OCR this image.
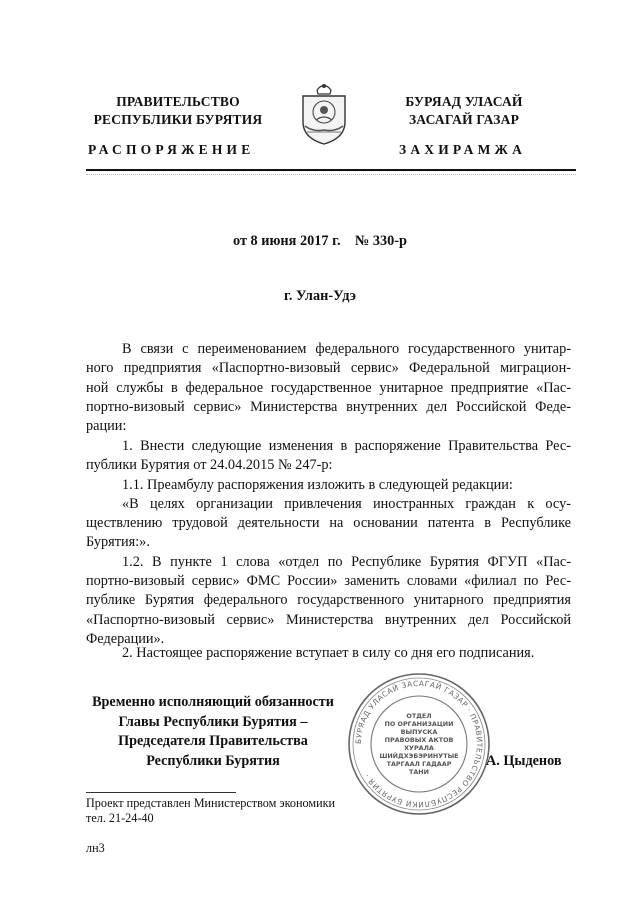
ПРАВИТЕЛЬСТВО
РЕСПУБЛИКИ БУРЯТИЯ
БУРЯАД УЛАСАЙ
ЗАСАГАЙ ГАЗАР
РАСПОРЯЖЕНИЕ	ЗАХИРАМЖА
от 8 июня 2017 г.    № 330-р
г. Улан-Удэ
В связи с переименованием федерального государственного унитар-
ного предприятия «Паспортно-визовый сервис» Федеральной миграцион-
ной службы в федеральное государственное унитарное предприятие «Пас-
портно-визовый сервис» Министерства внутренних дел Российской Феде-
рации:
1. Внести следующие изменения в распоряжение Правительства Рес-
публики Бурятия от 24.04.2015 № 247-р:
1.1. Преамбулу распоряжения изложить в следующей редакции:
«В целях организации привлечения иностранных граждан к осу-
ществлению трудовой деятельности на основании патента в Республике
Бурятия:».
1.2. В пункте 1 слова «отдел по Республике Бурятия ФГУП «Пас-
портно-визовый сервис» ФМС России» заменить словами «филиал по Рес-
публике Бурятия федерального государственного унитарного предприятия
«Паспортно-визовый сервис» Министерства внутренних дел Российской
Федерации».
2. Настоящее распоряжение вступает в силу со дня его подписания.
Временно исполняющий обязанности
Главы Республики Бурятия –
Председателя Правительства
Республики Бурятия
БУРЯАД УЛАСАЙ ЗАСАГАЙ ГАЗАР · ПРАВИТЕЛЬСТВО РЕСПУБЛИКИ БУРЯТИЯ ·
ОТДЕЛ
ПО ОРГАНИЗАЦИИ
ВЫПУСКА
ПРАВОВЫХ АКТОВ
ХУРАЛА
ШИЙДХЭБЭРИНУТЫЕ
ТАРГААЛ ГАДААР
ТАНИ
А. Цыденов
Проект представлен Министерством экономики
тел. 21-24-40
лн3
